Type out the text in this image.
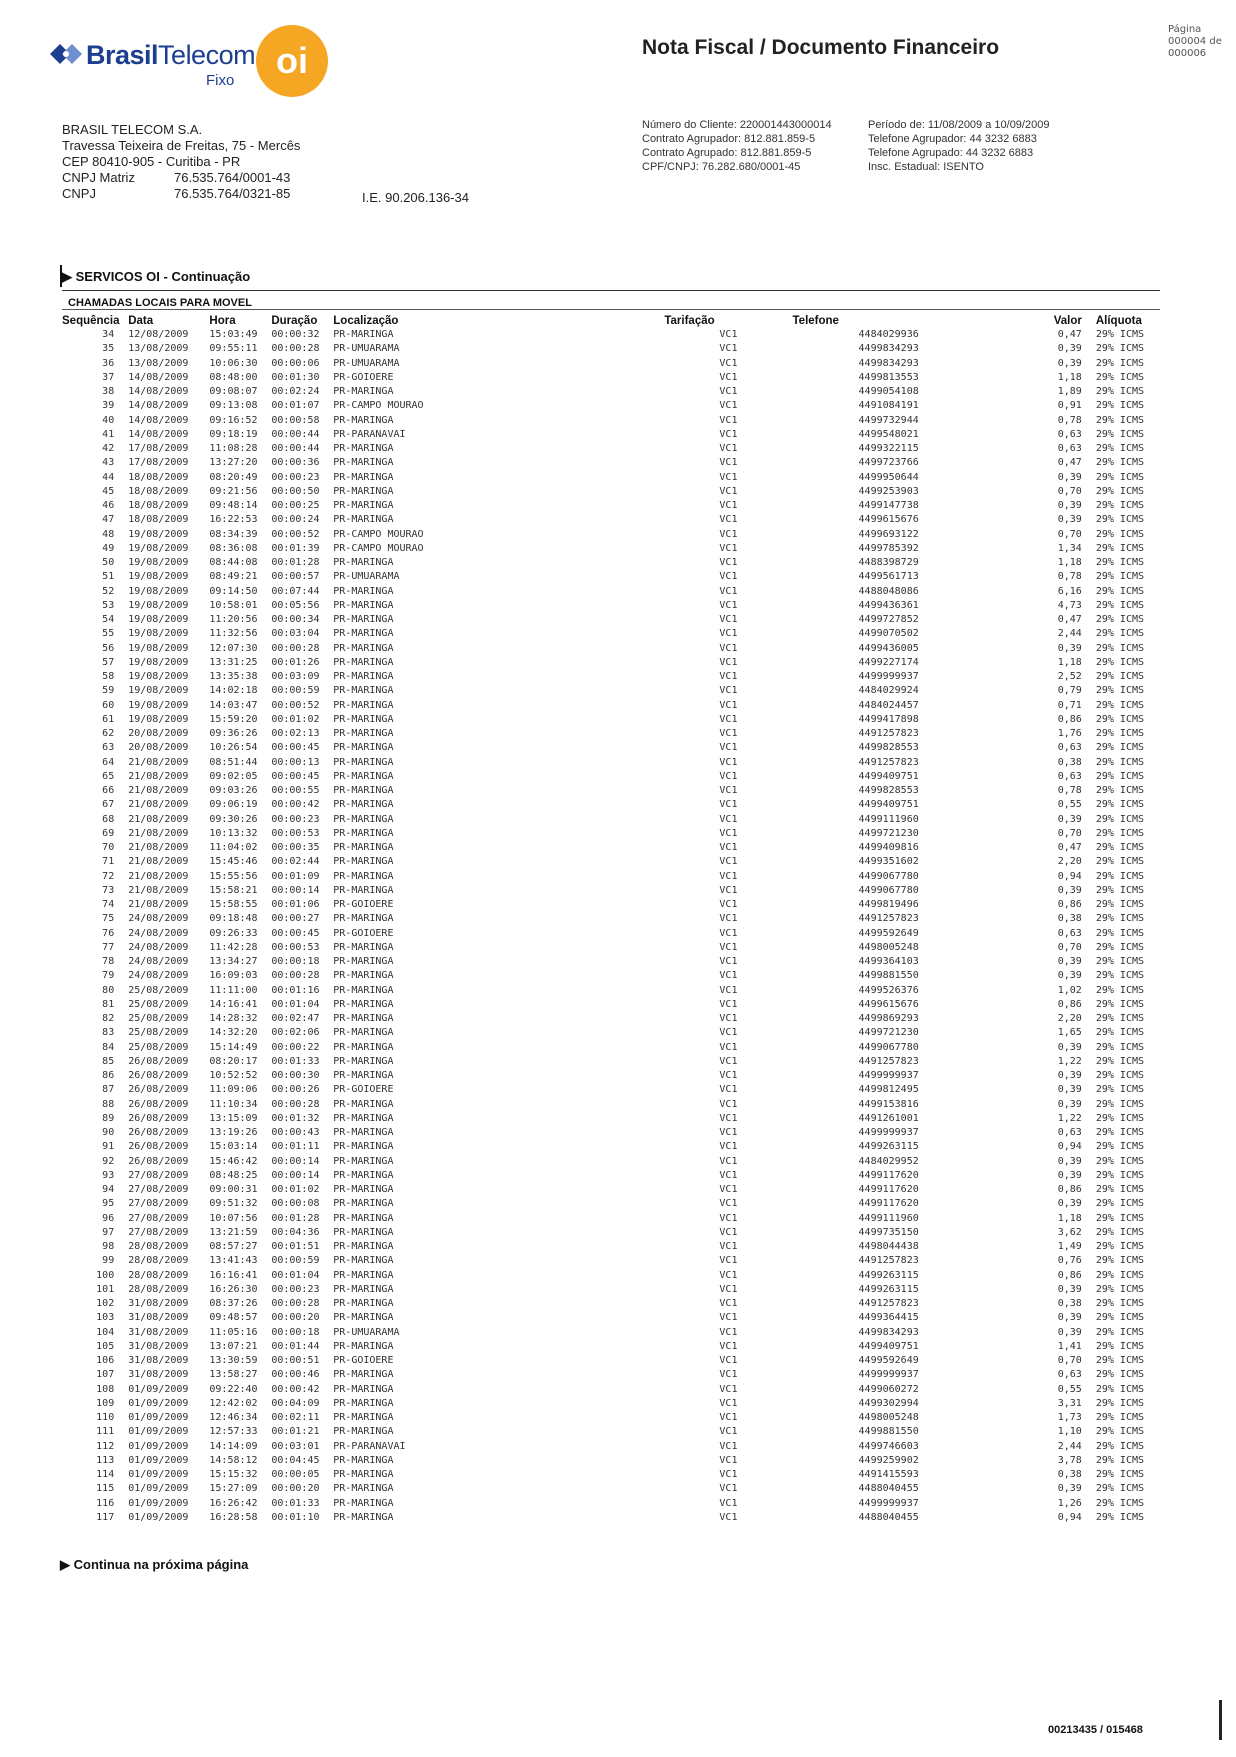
BrasilTelecom
Fixo	oi	Nota Fiscal / Documento Financeiro
Página
000004 de
000006
BRASIL TELECOM S.A.
Travessa Teixeira de Freitas, 75 - Mercês
CEP 80410-905 - Curitiba - PR
CNPJ Matriz	76.535.764/0001-43
CNPJ	76.535.764/0321-85	I.E. 90.206.136-34
Número do Cliente: 220001443000014
Contrato Agrupador: 812.881.859-5
Contrato Agrupado: 812.881.859-5
CPF/CNPJ: 76.282.680/0001-45
Período de: 11/08/2009 a 10/09/2009
Telefone Agrupador: 44 3232 6883
Telefone Agrupado: 44 3232 6883
Insc. Estadual: ISENTO
▶ SERVICOS OI - Continuação
CHAMADAS LOCAIS PARA MOVEL
Sequência	Data	Hora	Duração	Localização	Tarifação	Telefone	Valor	Alíquota
34	12/08/2009	15:03:49	00:00:32	PR-MARINGA	VC1	4484029936	0,47	29% ICMS
35	13/08/2009	09:55:11	00:00:28	PR-UMUARAMA	VC1	4499834293	0,39	29% ICMS
36	13/08/2009	10:06:30	00:00:06	PR-UMUARAMA	VC1	4499834293	0,39	29% ICMS
37	14/08/2009	08:48:00	00:01:30	PR-GOIOERE	VC1	4499813553	1,18	29% ICMS
38	14/08/2009	09:08:07	00:02:24	PR-MARINGA	VC1	4499054108	1,89	29% ICMS
39	14/08/2009	09:13:08	00:01:07	PR-CAMPO MOURAO	VC1	4491084191	0,91	29% ICMS
40	14/08/2009	09:16:52	00:00:58	PR-MARINGA	VC1	4499732944	0,78	29% ICMS
41	14/08/2009	09:18:19	00:00:44	PR-PARANAVAI	VC1	4499548021	0,63	29% ICMS
42	17/08/2009	11:08:28	00:00:44	PR-MARINGA	VC1	4499322115	0,63	29% ICMS
43	17/08/2009	13:27:20	00:00:36	PR-MARINGA	VC1	4499723766	0,47	29% ICMS
44	18/08/2009	08:20:49	00:00:23	PR-MARINGA	VC1	4499950644	0,39	29% ICMS
45	18/08/2009	09:21:56	00:00:50	PR-MARINGA	VC1	4499253903	0,70	29% ICMS
46	18/08/2009	09:48:14	00:00:25	PR-MARINGA	VC1	4499147738	0,39	29% ICMS
47	18/08/2009	16:22:53	00:00:24	PR-MARINGA	VC1	4499615676	0,39	29% ICMS
48	19/08/2009	08:34:39	00:00:52	PR-CAMPO MOURAO	VC1	4499693122	0,70	29% ICMS
49	19/08/2009	08:36:08	00:01:39	PR-CAMPO MOURAO	VC1	4499785392	1,34	29% ICMS
50	19/08/2009	08:44:08	00:01:28	PR-MARINGA	VC1	4488398729	1,18	29% ICMS
51	19/08/2009	08:49:21	00:00:57	PR-UMUARAMA	VC1	4499561713	0,78	29% ICMS
52	19/08/2009	09:14:50	00:07:44	PR-MARINGA	VC1	4488048086	6,16	29% ICMS
53	19/08/2009	10:58:01	00:05:56	PR-MARINGA	VC1	4499436361	4,73	29% ICMS
54	19/08/2009	11:20:56	00:00:34	PR-MARINGA	VC1	4499727852	0,47	29% ICMS
55	19/08/2009	11:32:56	00:03:04	PR-MARINGA	VC1	4499070502	2,44	29% ICMS
56	19/08/2009	12:07:30	00:00:28	PR-MARINGA	VC1	4499436005	0,39	29% ICMS
57	19/08/2009	13:31:25	00:01:26	PR-MARINGA	VC1	4499227174	1,18	29% ICMS
58	19/08/2009	13:35:38	00:03:09	PR-MARINGA	VC1	4499999937	2,52	29% ICMS
59	19/08/2009	14:02:18	00:00:59	PR-MARINGA	VC1	4484029924	0,79	29% ICMS
60	19/08/2009	14:03:47	00:00:52	PR-MARINGA	VC1	4484024457	0,71	29% ICMS
61	19/08/2009	15:59:20	00:01:02	PR-MARINGA	VC1	4499417898	0,86	29% ICMS
62	20/08/2009	09:36:26	00:02:13	PR-MARINGA	VC1	4491257823	1,76	29% ICMS
63	20/08/2009	10:26:54	00:00:45	PR-MARINGA	VC1	4499828553	0,63	29% ICMS
64	21/08/2009	08:51:44	00:00:13	PR-MARINGA	VC1	4491257823	0,38	29% ICMS
65	21/08/2009	09:02:05	00:00:45	PR-MARINGA	VC1	4499409751	0,63	29% ICMS
66	21/08/2009	09:03:26	00:00:55	PR-MARINGA	VC1	4499828553	0,78	29% ICMS
67	21/08/2009	09:06:19	00:00:42	PR-MARINGA	VC1	4499409751	0,55	29% ICMS
68	21/08/2009	09:30:26	00:00:23	PR-MARINGA	VC1	4499111960	0,39	29% ICMS
69	21/08/2009	10:13:32	00:00:53	PR-MARINGA	VC1	4499721230	0,70	29% ICMS
70	21/08/2009	11:04:02	00:00:35	PR-MARINGA	VC1	4499409816	0,47	29% ICMS
71	21/08/2009	15:45:46	00:02:44	PR-MARINGA	VC1	4499351602	2,20	29% ICMS
72	21/08/2009	15:55:56	00:01:09	PR-MARINGA	VC1	4499067780	0,94	29% ICMS
73	21/08/2009	15:58:21	00:00:14	PR-MARINGA	VC1	4499067780	0,39	29% ICMS
74	21/08/2009	15:58:55	00:01:06	PR-GOIOERE	VC1	4499819496	0,86	29% ICMS
75	24/08/2009	09:18:48	00:00:27	PR-MARINGA	VC1	4491257823	0,38	29% ICMS
76	24/08/2009	09:26:33	00:00:45	PR-GOIOERE	VC1	4499592649	0,63	29% ICMS
77	24/08/2009	11:42:28	00:00:53	PR-MARINGA	VC1	4498005248	0,70	29% ICMS
78	24/08/2009	13:34:27	00:00:18	PR-MARINGA	VC1	4499364103	0,39	29% ICMS
79	24/08/2009	16:09:03	00:00:28	PR-MARINGA	VC1	4499881550	0,39	29% ICMS
80	25/08/2009	11:11:00	00:01:16	PR-MARINGA	VC1	4499526376	1,02	29% ICMS
81	25/08/2009	14:16:41	00:01:04	PR-MARINGA	VC1	4499615676	0,86	29% ICMS
82	25/08/2009	14:28:32	00:02:47	PR-MARINGA	VC1	4499869293	2,20	29% ICMS
83	25/08/2009	14:32:20	00:02:06	PR-MARINGA	VC1	4499721230	1,65	29% ICMS
84	25/08/2009	15:14:49	00:00:22	PR-MARINGA	VC1	4499067780	0,39	29% ICMS
85	26/08/2009	08:20:17	00:01:33	PR-MARINGA	VC1	4491257823	1,22	29% ICMS
86	26/08/2009	10:52:52	00:00:30	PR-MARINGA	VC1	4499999937	0,39	29% ICMS
87	26/08/2009	11:09:06	00:00:26	PR-GOIOERE	VC1	4499812495	0,39	29% ICMS
88	26/08/2009	11:10:34	00:00:28	PR-MARINGA	VC1	4499153816	0,39	29% ICMS
89	26/08/2009	13:15:09	00:01:32	PR-MARINGA	VC1	4491261001	1,22	29% ICMS
90	26/08/2009	13:19:26	00:00:43	PR-MARINGA	VC1	4499999937	0,63	29% ICMS
91	26/08/2009	15:03:14	00:01:11	PR-MARINGA	VC1	4499263115	0,94	29% ICMS
92	26/08/2009	15:46:42	00:00:14	PR-MARINGA	VC1	4484029952	0,39	29% ICMS
93	27/08/2009	08:48:25	00:00:14	PR-MARINGA	VC1	4499117620	0,39	29% ICMS
94	27/08/2009	09:00:31	00:01:02	PR-MARINGA	VC1	4499117620	0,86	29% ICMS
95	27/08/2009	09:51:32	00:00:08	PR-MARINGA	VC1	4499117620	0,39	29% ICMS
96	27/08/2009	10:07:56	00:01:28	PR-MARINGA	VC1	4499111960	1,18	29% ICMS
97	27/08/2009	13:21:59	00:04:36	PR-MARINGA	VC1	4499735150	3,62	29% ICMS
98	28/08/2009	08:57:27	00:01:51	PR-MARINGA	VC1	4498044438	1,49	29% ICMS
99	28/08/2009	13:41:43	00:00:59	PR-MARINGA	VC1	4491257823	0,76	29% ICMS
100	28/08/2009	16:16:41	00:01:04	PR-MARINGA	VC1	4499263115	0,86	29% ICMS
101	28/08/2009	16:26:30	00:00:23	PR-MARINGA	VC1	4499263115	0,39	29% ICMS
102	31/08/2009	08:37:26	00:00:28	PR-MARINGA	VC1	4491257823	0,38	29% ICMS
103	31/08/2009	09:48:57	00:00:20	PR-MARINGA	VC1	4499364415	0,39	29% ICMS
104	31/08/2009	11:05:16	00:00:18	PR-UMUARAMA	VC1	4499834293	0,39	29% ICMS
105	31/08/2009	13:07:21	00:01:44	PR-MARINGA	VC1	4499409751	1,41	29% ICMS
106	31/08/2009	13:30:59	00:00:51	PR-GOIOERE	VC1	4499592649	0,70	29% ICMS
107	31/08/2009	13:58:27	00:00:46	PR-MARINGA	VC1	4499999937	0,63	29% ICMS
108	01/09/2009	09:22:40	00:00:42	PR-MARINGA	VC1	4499060272	0,55	29% ICMS
109	01/09/2009	12:42:02	00:04:09	PR-MARINGA	VC1	4499302994	3,31	29% ICMS
110	01/09/2009	12:46:34	00:02:11	PR-MARINGA	VC1	4498005248	1,73	29% ICMS
111	01/09/2009	12:57:33	00:01:21	PR-MARINGA	VC1	4499881550	1,10	29% ICMS
112	01/09/2009	14:14:09	00:03:01	PR-PARANAVAI	VC1	4499746603	2,44	29% ICMS
113	01/09/2009	14:58:12	00:04:45	PR-MARINGA	VC1	4499259902	3,78	29% ICMS
114	01/09/2009	15:15:32	00:00:05	PR-MARINGA	VC1	4491415593	0,38	29% ICMS
115	01/09/2009	15:27:09	00:00:20	PR-MARINGA	VC1	4488040455	0,39	29% ICMS
116	01/09/2009	16:26:42	00:01:33	PR-MARINGA	VC1	4499999937	1,26	29% ICMS
117	01/09/2009	16:28:58	00:01:10	PR-MARINGA	VC1	4488040455	0,94	29% ICMS
▶ Continua na próxima página
00213435 / 015468
